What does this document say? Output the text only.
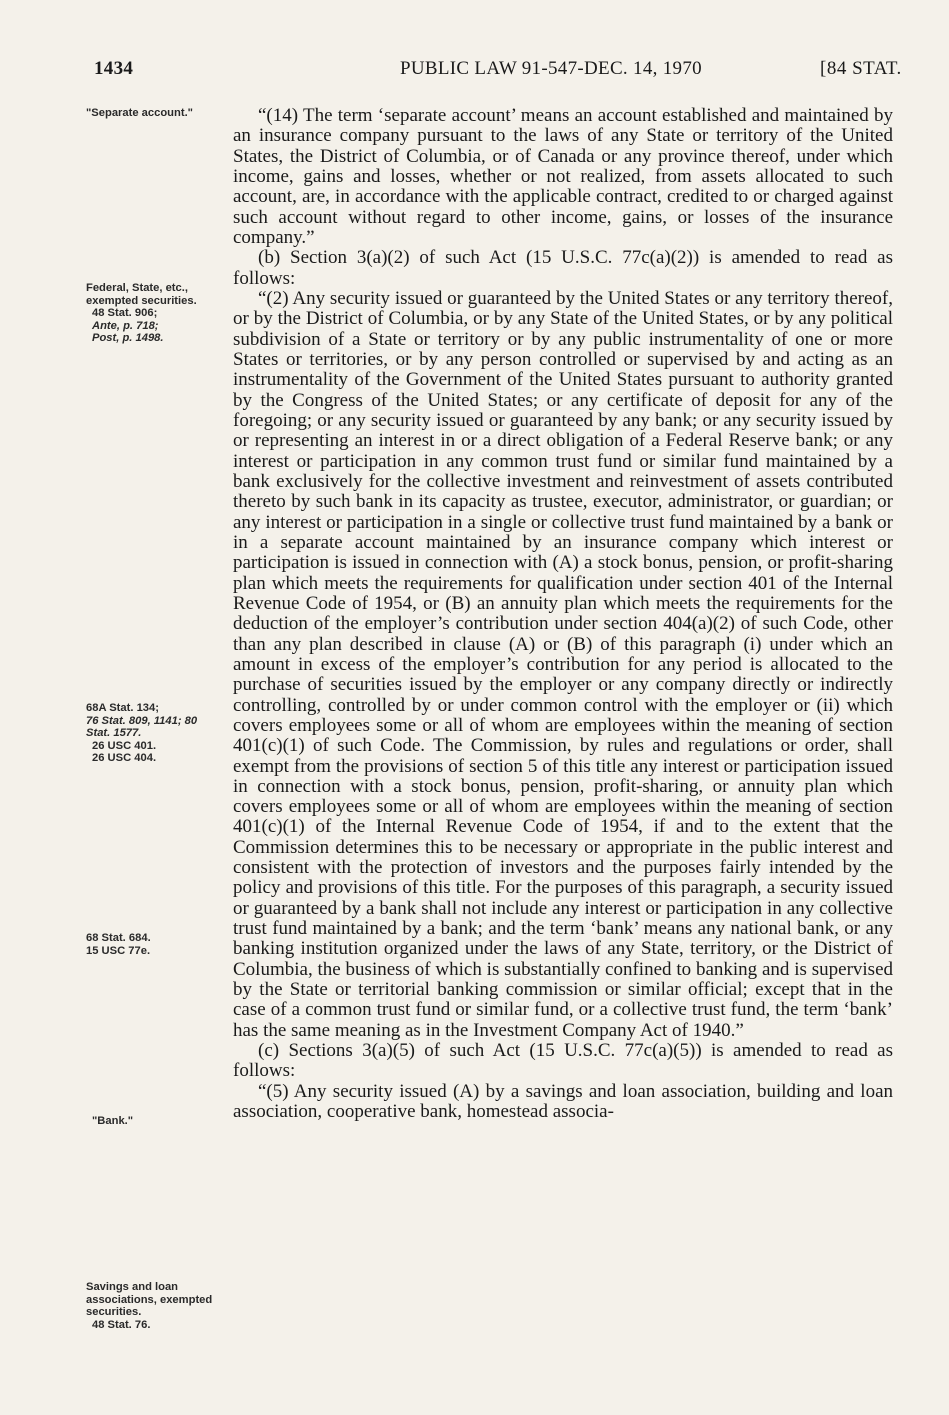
1434	PUBLIC LAW 91-547-DEC. 14, 1970	[84 STAT.
"Separate account."
Federal, State, etc., exempted securities.
48 Stat. 906;
Ante, p. 718;
Post, p. 1498.
68A Stat. 134;
76 Stat. 809, 1141; 80 Stat. 1577.
26 USC 401.
26 USC 404.
68 Stat. 684.
15 USC 77e.
"Bank."
Savings and loan associations, exempted securities.
48 Stat. 76.

“(14) The term ‘separate account’ means an account established and maintained by an insurance company pursuant to the laws of any State or territory of the United States, the District of Columbia, or of Canada or any province thereof, under which income, gains and losses, whether or not realized, from assets allocated to such account, are, in accordance with the applicable contract, credited to or charged against such account without regard to other income, gains, or losses of the insurance company.”

(b) Section 3(a)(2) of such Act (15 U.S.C. 77c(a)(2)) is amended to read as follows:

“(2) Any security issued or guaranteed by the United States or any territory thereof, or by the District of Columbia, or by any State of the United States, or by any political subdivision of a State or territory or by any public instrumentality of one or more States or territories, or by any person controlled or supervised by and acting as an instrumentality of the Government of the United States pursuant to authority granted by the Congress of the United States; or any certificate of deposit for any of the foregoing; or any security issued or guaranteed by any bank; or any security issued by or representing an interest in or a direct obligation of a Federal Reserve bank; or any interest or participation in any common trust fund or similar fund maintained by a bank exclusively for the collective investment and reinvestment of assets contributed thereto by such bank in its capacity as trustee, executor, administrator, or guardian; or any interest or participation in a single or collective trust fund maintained by a bank or in a separate account maintained by an insurance company which interest or participation is issued in connection with (A) a stock bonus, pension, or profit-sharing plan which meets the requirements for qualification under section 401 of the Internal Revenue Code of 1954, or (B) an annuity plan which meets the requirements for the deduction of the employer’s contribution under section 404(a)(2) of such Code, other than any plan described in clause (A) or (B) of this paragraph (i) under which an amount in excess of the employer’s contribution for any period is allocated to the purchase of securities issued by the employer or any company directly or indirectly controlling, controlled by or under common control with the employer or (ii) which covers employees some or all of whom are employees within the meaning of section 401(c)(1) of such Code. The Commission, by rules and regulations or order, shall exempt from the provisions of section 5 of this title any interest or participation issued in connection with a stock bonus, pension, profit-sharing, or annuity plan which covers employees some or all of whom are employees within the meaning of section 401(c)(1) of the Internal Revenue Code of 1954, if and to the extent that the Commission determines this to be necessary or appropriate in the public interest and consistent with the protection of investors and the purposes fairly intended by the policy and provisions of this title. For the purposes of this paragraph, a security issued or guaranteed by a bank shall not include any interest or participation in any collective trust fund maintained by a bank; and the term ‘bank’ means any national bank, or any banking institution organized under the laws of any State, territory, or the District of Columbia, the business of which is substantially confined to banking and is supervised by the State or territorial banking commission or similar official; except that in the case of a common trust fund or similar fund, or a collective trust fund, the term ‘bank’ has the same meaning as in the Investment Company Act of 1940.”

(c) Sections 3(a)(5) of such Act (15 U.S.C. 77c(a)(5)) is amended to read as follows:

“(5) Any security issued (A) by a savings and loan association, building and loan association, cooperative bank, homestead associa-
